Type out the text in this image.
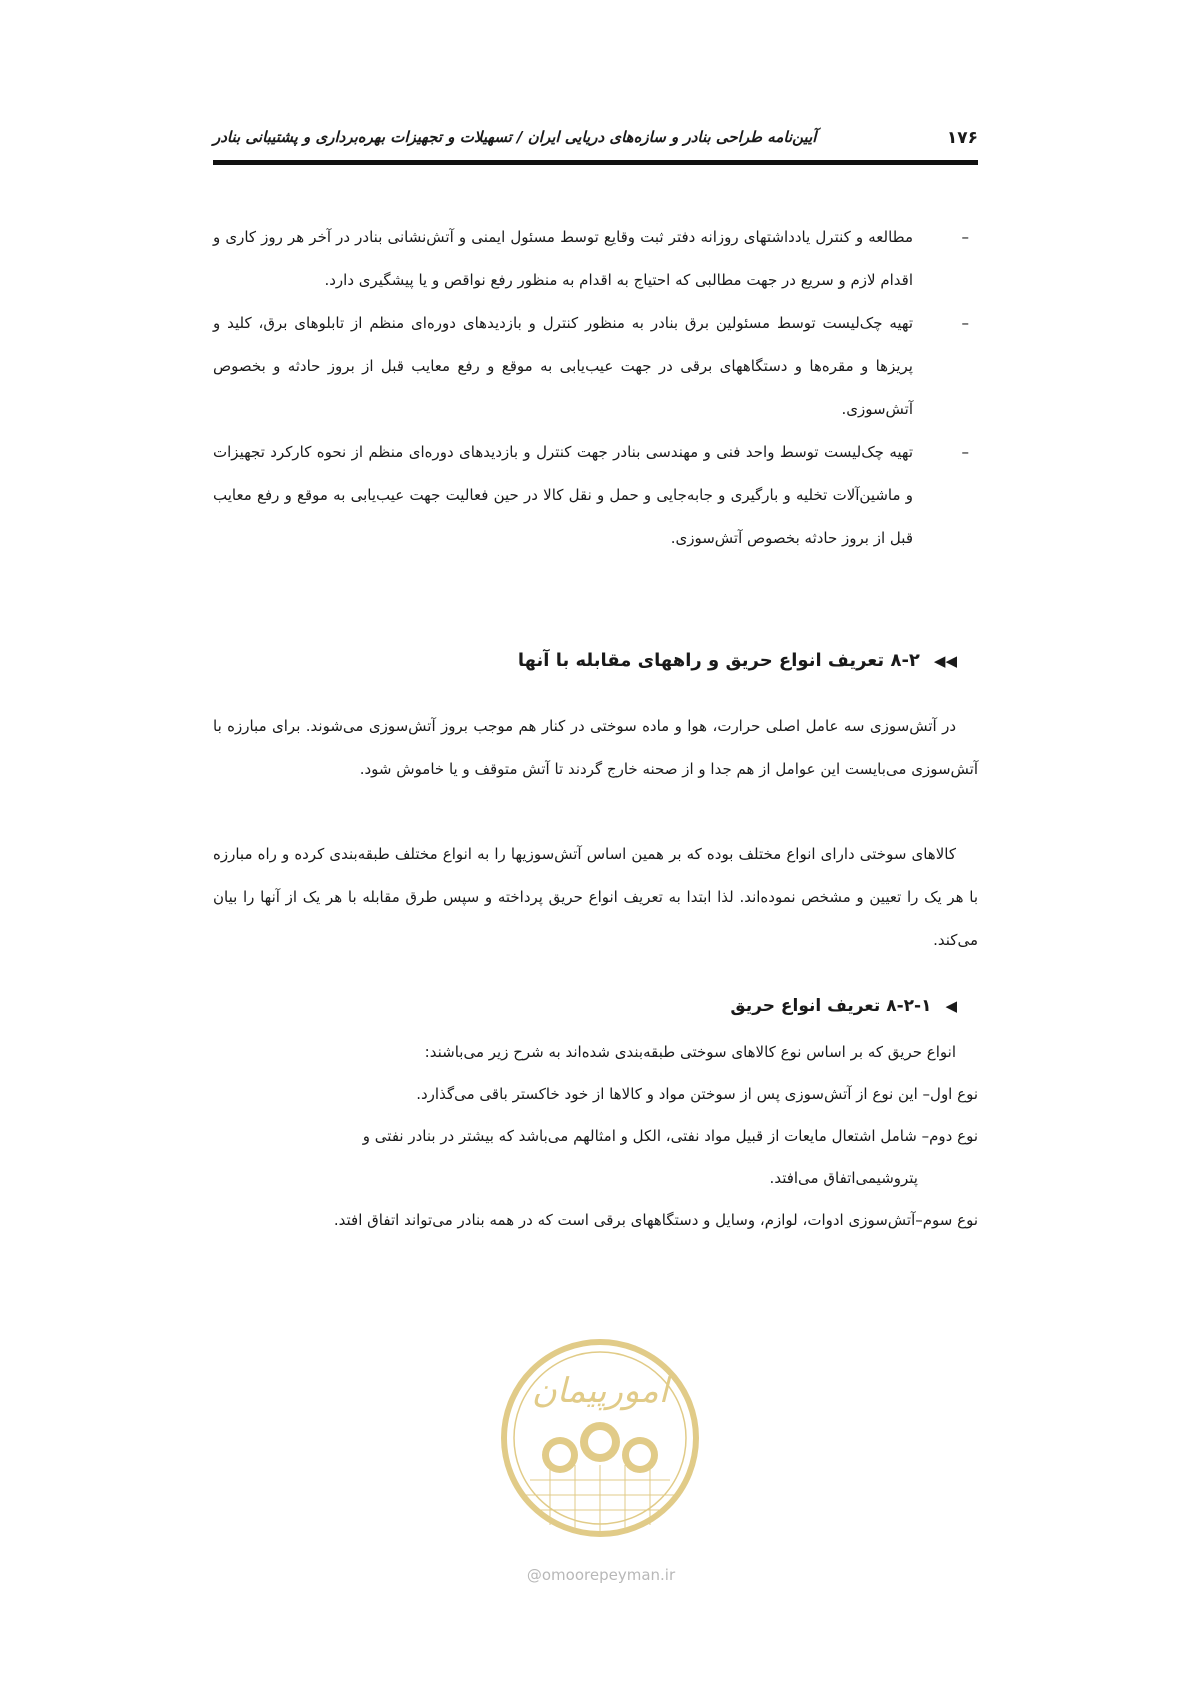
۱۷۶
آیین‌نامه طراحی بنادر و سازه‌های دریایی ایران / تسهیلات و تجهیزات بهره‌برداری و پشتیبانی بنادر
–
مطالعه و کنترل یادداشتهای روزانه دفتر ثبت وقایع توسط مسئول ایمنی و آتش‌نشانی بنادر در آخر هر روز کاری و اقدام لازم و سریع در جهت مطالبی که احتیاج به اقدام به منظور رفع نواقص و یا پیشگیری دارد.
–
تهیه چک‌لیست توسط مسئولین برق بنادر به منظور کنترل و بازدیدهای دوره‌ای منظم از تابلوهای برق، کلید و پریزها و مقره‌ها و دستگاههای برقی در جهت عیب‌یابی به موقع و رفع معایب قبل از بروز حادثه و بخصوص آتش‌سوزی.
–
تهیه چک‌لیست توسط واحد فنی و مهندسی بنادر جهت کنترل و بازدیدهای دوره‌ای منظم از نحوه کارکرد تجهیزات و ماشین‌آلات تخلیه و بارگیری و جابه‌جایی و حمل و نقل کالا در حین فعالیت جهت عیب‌یابی به موقع و رفع معایب قبل از بروز حادثه بخصوص آتش‌سوزی.
◀◀
۸-۲ تعریف انواع حریق و راههای مقابله با آنها

در آتش‌سوزی سه عامل اصلی حرارت، هوا و ماده سوختی در کنار هم موجب بروز آتش‌سوزی می‌شوند. برای مبارزه با آتش‌سوزی می‌بایست این عوامل از هم جدا و از صحنه خارج گردند تا آتش متوقف و یا خاموش شود.

کالاهای سوختی دارای انواع مختلف بوده که بر همین اساس آتش‌سوزیها را به انواع مختلف طبقه‌بندی کرده و راه مبارزه با هر یک را تعیین و مشخص نموده‌اند. لذا ابتدا به تعریف انواع حریق پرداخته و سپس طرق مقابله با هر یک از آنها را بیان می‌کند.

◀
۸-۲-۱ تعریف انواع حریق
انواع حریق که بر اساس نوع کالاهای سوختی طبقه‌بندی شده‌اند به شرح زیر می‌باشند:
نوع اول– این نوع از آتش‌سوزی پس از سوختن مواد و کالاها از خود خاکستر باقی می‌گذارد.
نوع دوم– شامل اشتعال مایعات از قبیل مواد نفتی، الکل و امثالهم می‌باشد که بیشتر در بنادر نفتی و
پتروشیمی‌اتفاق می‌افتد.
نوع سوم–آتش‌سوزی ادوات، لوازم، وسایل و دستگاههای برقی است که در همه بنادر می‌تواند اتفاق افتد.
امورپیمان
@omoorepeyman.ir
